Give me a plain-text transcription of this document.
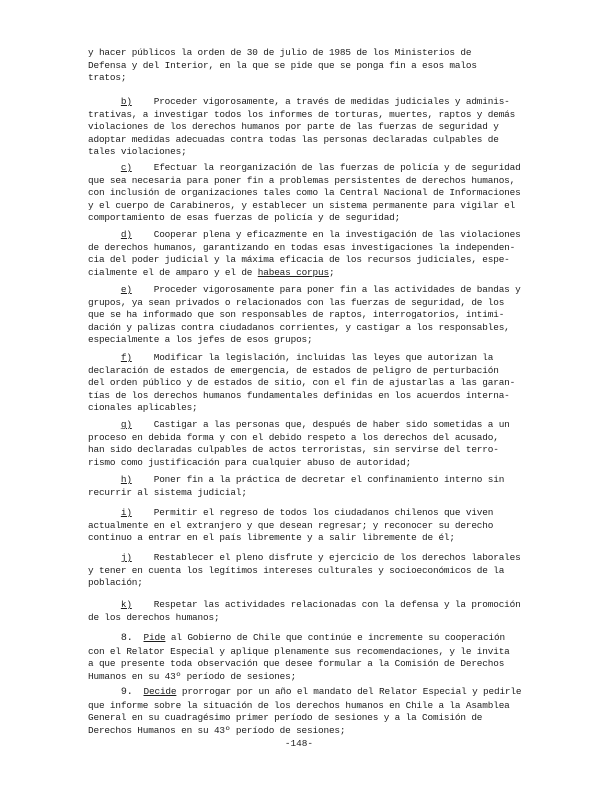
y hacer públicos la orden de 30 de julio de 1985 de los Ministerios de
Defensa y del Interior, en la que se pide que se ponga fin a esos malos
tratos;

b) Proceder vigorosamente, a través de medidas judiciales y adminis-
trativas, a investigar todos los informes de torturas, muertes, raptos y demás
violaciones de los derechos humanos por parte de las fuerzas de seguridad y
adoptar medidas adecuadas contra todas las personas declaradas culpables de
tales violaciones;

c) Efectuar la reorganización de las fuerzas de policía y de seguridad
que sea necesaria para poner fin a problemas persistentes de derechos humanos,
con inclusión de organizaciones tales como la Central Nacional de Informaciones
y el cuerpo de Carabineros, y establecer un sistema permanente para vigilar el
comportamiento de esas fuerzas de policía y de seguridad;

d) Cooperar plena y eficazmente en la investigación de las violaciones
de derechos humanos, garantizando en todas esas investigaciones la independen-
cia del poder judicial y la máxima eficacia de los recursos judiciales, espe-
cialmente el de amparo y el de habeas corpus;

e) Proceder vigorosamente para poner fin a las actividades de bandas y
grupos, ya sean privados o relacionados con las fuerzas de seguridad, de los
que se ha informado que son responsables de raptos, interrogatorios, intimi-
dación y palizas contra ciudadanos corrientes, y castigar a los responsables,
especialmente a los jefes de esos grupos;

f) Modificar la legislación, incluidas las leyes que autorizan la
declaración de estados de emergencia, de estados de peligro de perturbación
del orden público y de estados de sitio, con el fin de ajustarlas a las garan-
tías de los derechos humanos fundamentales definidas en los acuerdos interna-
cionales aplicables;

g) Castigar a las personas que, después de haber sido sometidas a un
proceso en debida forma y con el debido respeto a los derechos del acusado,
han sido declaradas culpables de actos terroristas, sin servirse del terro-
rismo como justificación para cualquier abuso de autoridad;

h) Poner fin a la práctica de decretar el confinamiento interno sin
recurrir al sistema judicial;

i) Permitir el regreso de todos los ciudadanos chilenos que viven
actualmente en el extranjero y que desean regresar; y reconocer su derecho
continuo a entrar en el país libremente y a salir libremente de él;

j) Restablecer el pleno disfrute y ejercicio de los derechos laborales
y tener en cuenta los legítimos intereses culturales y socioeconómicos de la
población;

k) Respetar las actividades relacionadas con la defensa y la promoción
de los derechos humanos;

8. Pide al Gobierno de Chile que continúe e incremente su cooperación
con el Relator Especial y aplique plenamente sus recomendaciones, y le invita
a que presente toda observación que desee formular a la Comisión de Derechos
Humanos en su 43º período de sesiones;

9. Decide prorrogar por un año el mandato del Relator Especial y pedirle
que informe sobre la situación de los derechos humanos en Chile a la Asamblea
General en su cuadragésimo primer período de sesiones y a la Comisión de
Derechos Humanos en su 43º período de sesiones;

-148-
